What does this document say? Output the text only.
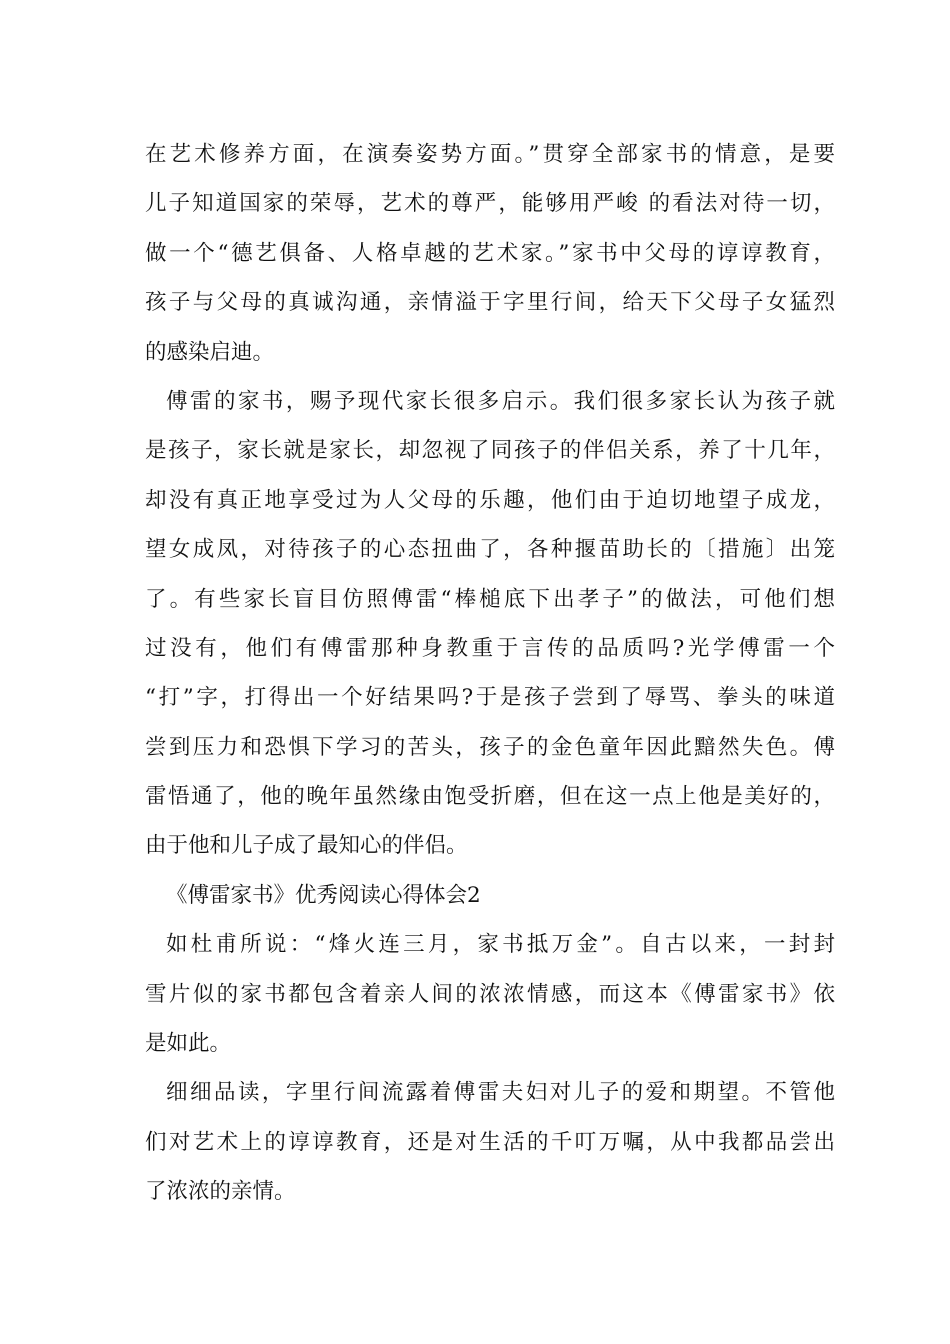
在艺术修养方面，在演奏姿势方面。”贯穿全部家书的情意，是要
儿子知道国家的荣辱，艺术的尊严，能够用严峻 的看法对待一切，
做一个“德艺俱备、人格卓越的艺术家。”家书中父母的谆谆教育，
孩子与父母的真诚沟通，亲情溢于字里行间，给天下父母子女猛烈
的感染启迪。
傅雷的家书，赐予现代家长很多启示。我们很多家长认为孩子就
是孩子，家长就是家长，却忽视了同孩子的伴侣关系，养了十几年，
却没有真正地享受过为人父母的乐趣，他们由于迫切地望子成龙，
望女成凤，对待孩子的心态扭曲了，各种揠苗助长的〔措施〕出笼
了。有些家长盲目仿照傅雷“棒槌底下出孝子”的做法，可他们想
过没有，他们有傅雷那种身教重于言传的品质吗?光学傅雷一个
“打”字，打得出一个好结果吗?于是孩子尝到了辱骂、拳头的味道
尝到压力和恐惧下学习的苦头，孩子的金色童年因此黯然失色。傅
雷悟通了，他的晚年虽然缘由饱受折磨，但在这一点上他是美好的，
由于他和儿子成了最知心的伴侣。
《傅雷家书》优秀阅读心得体会2
如杜甫所说：“烽火连三月，家书抵万金”。自古以来，一封封
雪片似的家书都包含着亲人间的浓浓情感，而这本《傅雷家书》依
是如此。
细细品读，字里行间流露着傅雷夫妇对儿子的爱和期望。不管他
们对艺术上的谆谆教育，还是对生活的千叮万嘱，从中我都品尝出
了浓浓的亲情。
